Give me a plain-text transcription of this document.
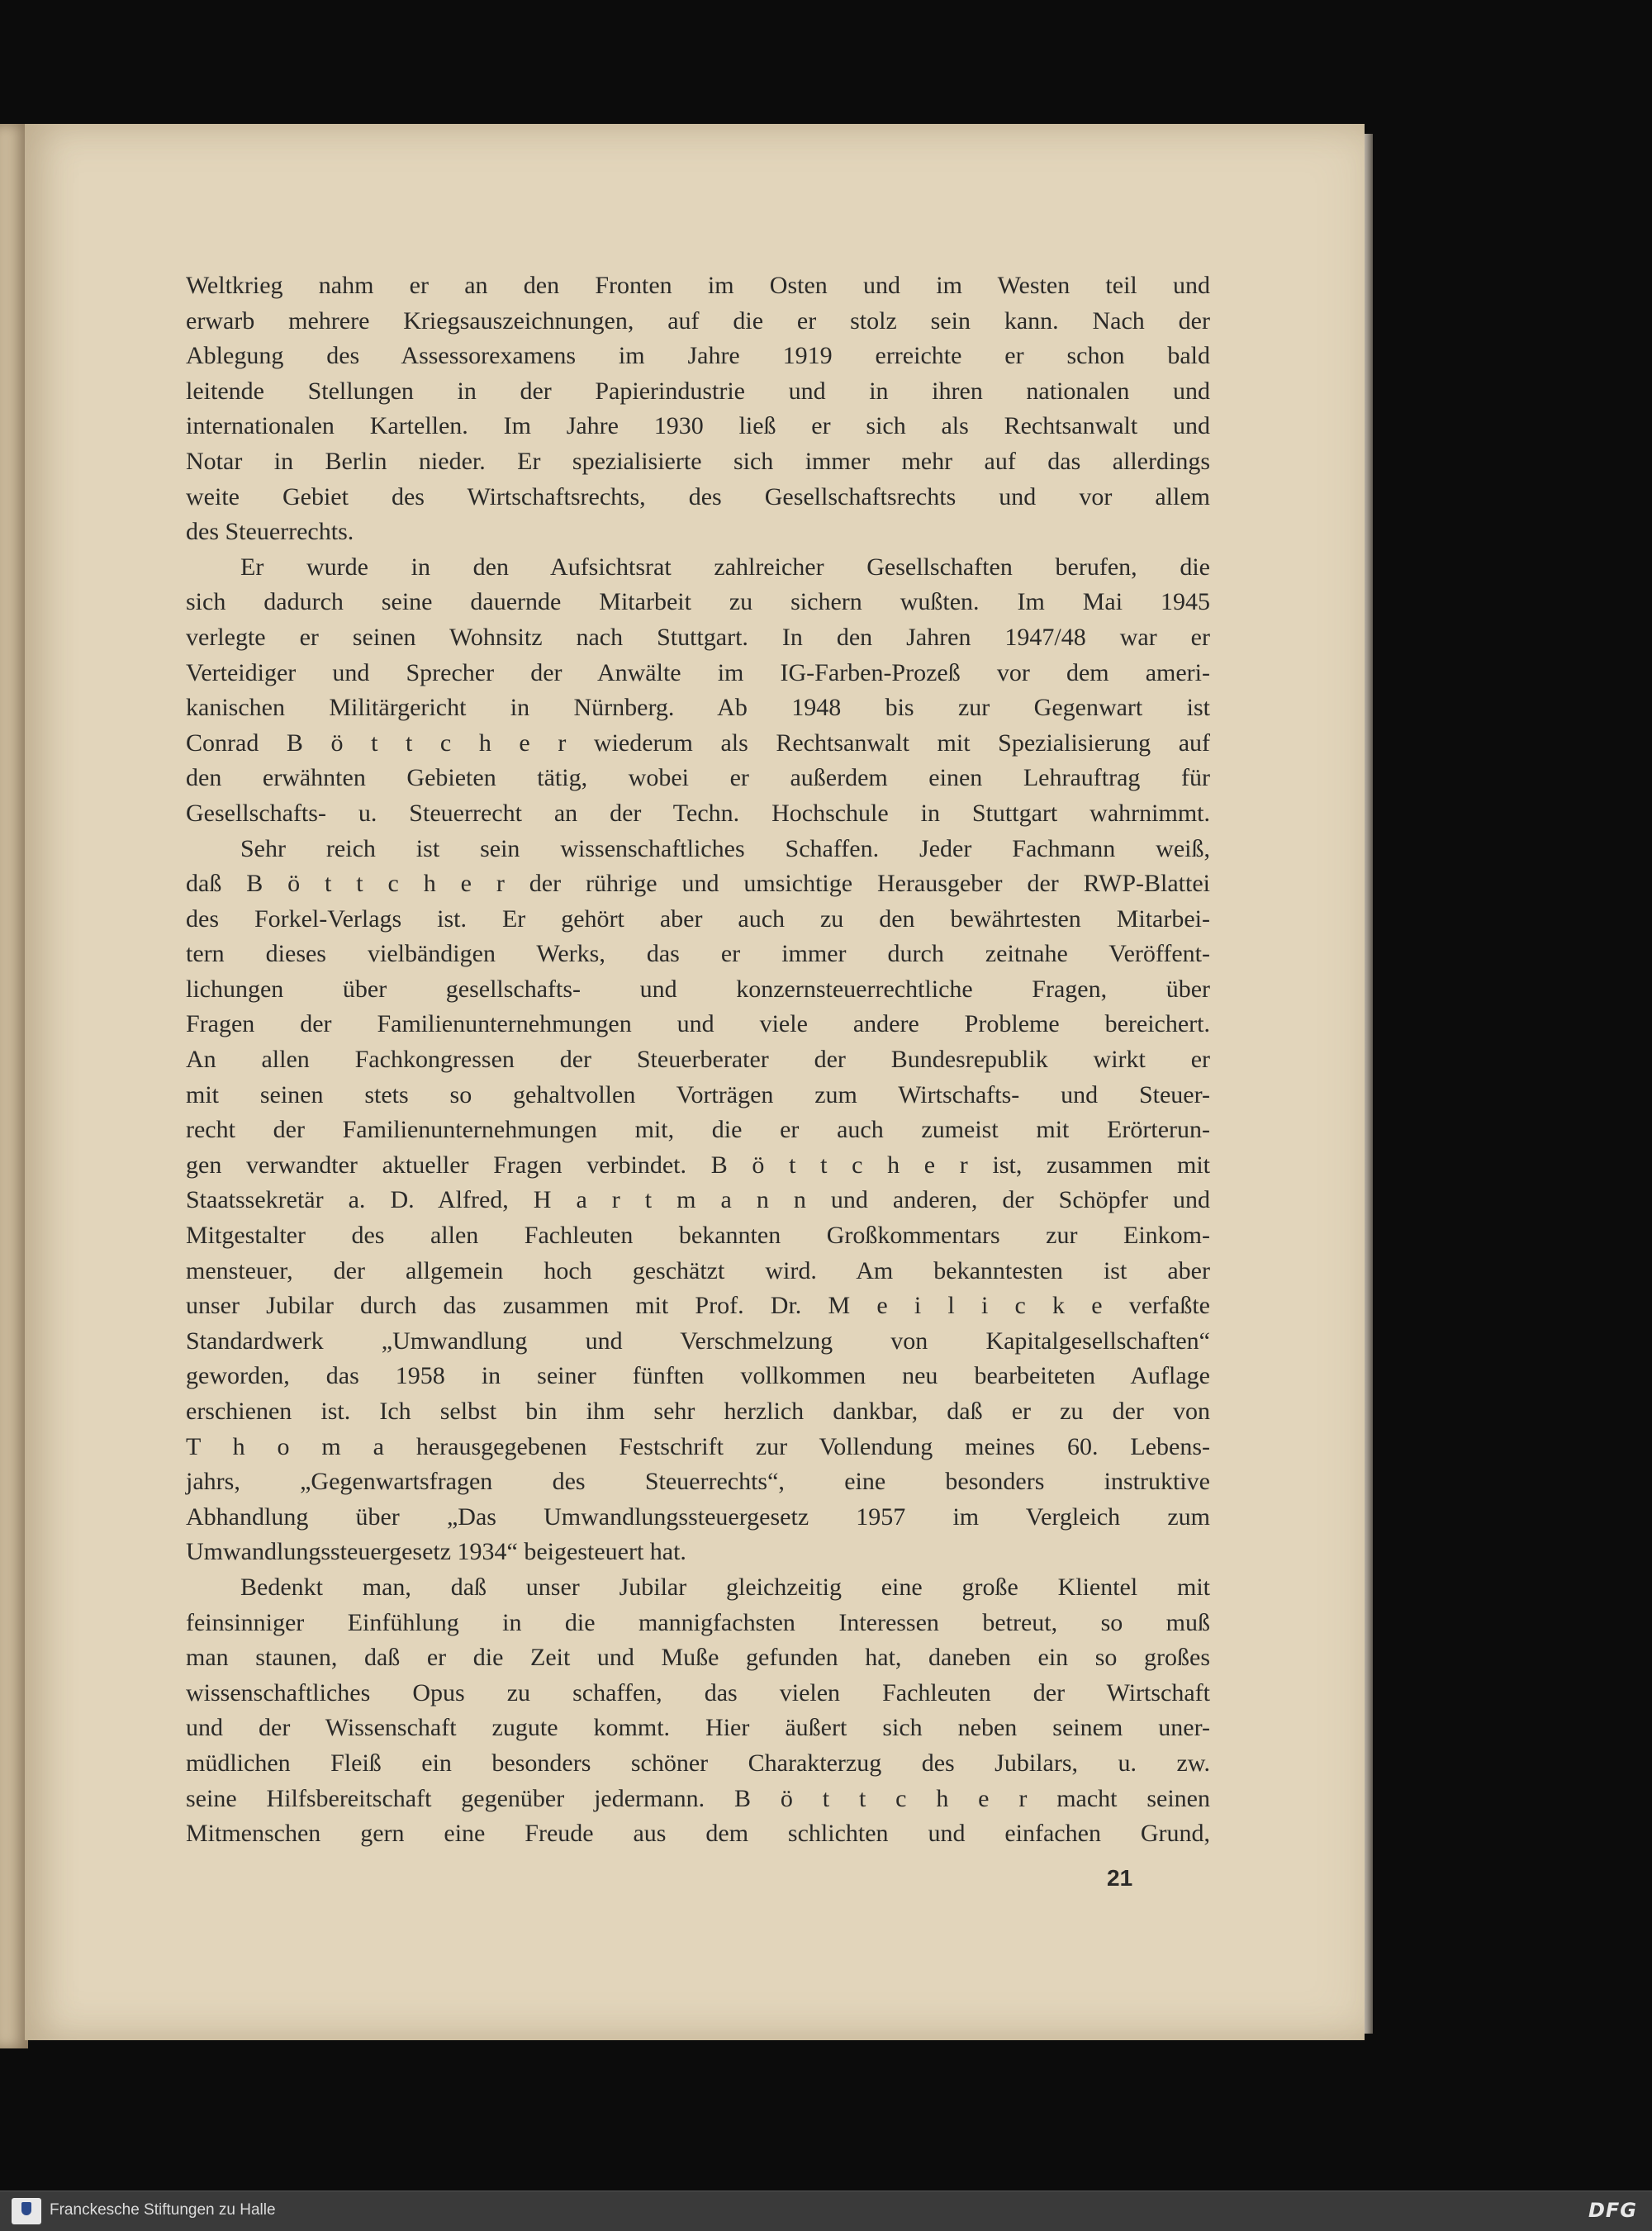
Weltkrieg nahm er an den Fronten im Osten und im Westen teil und
erwarb mehrere Kriegsauszeichnungen, auf die er stolz sein kann. Nach der
Ablegung des Assessorexamens im Jahre 1919 erreichte er schon bald
leitende Stellungen in der Papierindustrie und in ihren nationalen und
internationalen Kartellen. Im Jahre 1930 ließ er sich als Rechtsanwalt und
Notar in Berlin nieder. Er spezialisierte sich immer mehr auf das allerdings
weite Gebiet des Wirtschaftsrechts, des Gesellschaftsrechts und vor allem
des Steuerrechts.
Er wurde in den Aufsichtsrat zahlreicher Gesellschaften berufen, die
sich dadurch seine dauernde Mitarbeit zu sichern wußten. Im Mai 1945
verlegte er seinen Wohnsitz nach Stuttgart. In den Jahren 1947/48 war er
Verteidiger und Sprecher der Anwälte im IG-Farben-Prozeß vor dem ameri-
kanischen Militärgericht in Nürnberg. Ab 1948 bis zur Gegenwart ist
Conrad B ö t t c h e r wiederum als Rechtsanwalt mit Spezialisierung auf
den erwähnten Gebieten tätig, wobei er außerdem einen Lehrauftrag für
Gesellschafts- u. Steuerrecht an der Techn. Hochschule in Stuttgart wahrnimmt.
Sehr reich ist sein wissenschaftliches Schaffen. Jeder Fachmann weiß,
daß B ö t t c h e r der rührige und umsichtige Herausgeber der RWP-Blattei
des Forkel-Verlags ist. Er gehört aber auch zu den bewährtesten Mitarbei-
tern dieses vielbändigen Werks, das er immer durch zeitnahe Veröffent-
lichungen über gesellschafts- und konzernsteuerrechtliche Fragen, über
Fragen der Familienunternehmungen und viele andere Probleme bereichert.
An allen Fachkongressen der Steuerberater der Bundesrepublik wirkt er
mit seinen stets so gehaltvollen Vorträgen zum Wirtschafts- und Steuer-
recht der Familienunternehmungen mit, die er auch zumeist mit Erörterun-
gen verwandter aktueller Fragen verbindet. B ö t t c h e r ist, zusammen mit
Staatssekretär a. D. Alfred, H a r t m a n n und anderen, der Schöpfer und
Mitgestalter des allen Fachleuten bekannten Großkommentars zur Einkom-
mensteuer, der allgemein hoch geschätzt wird. Am bekanntesten ist aber
unser Jubilar durch das zusammen mit Prof. Dr. M e i l i c k e verfaßte
Standardwerk „Umwandlung und Verschmelzung von Kapitalgesellschaften“
geworden, das 1958 in seiner fünften vollkommen neu bearbeiteten Auflage
erschienen ist. Ich selbst bin ihm sehr herzlich dankbar, daß er zu der von
T h o m a herausgegebenen Festschrift zur Vollendung meines 60. Lebens-
jahrs, „Gegenwartsfragen des Steuerrechts“, eine besonders instruktive
Abhandlung über „Das Umwandlungssteuergesetz 1957 im Vergleich zum
Umwandlungssteuergesetz 1934“ beigesteuert hat.
Bedenkt man, daß unser Jubilar gleichzeitig eine große Klientel mit
feinsinniger Einfühlung in die mannigfachsten Interessen betreut, so muß
man staunen, daß er die Zeit und Muße gefunden hat, daneben ein so großes
wissenschaftliches Opus zu schaffen, das vielen Fachleuten der Wirtschaft
und der Wissenschaft zugute kommt. Hier äußert sich neben seinem uner-
müdlichen Fleiß ein besonders schöner Charakterzug des Jubilars, u. zw.
seine Hilfsbereitschaft gegenüber jedermann. B ö t t c h e r macht seinen
Mitmenschen gern eine Freude aus dem schlichten und einfachen Grund,
21
Franckesche Stiftungen zu Halle	DFG
